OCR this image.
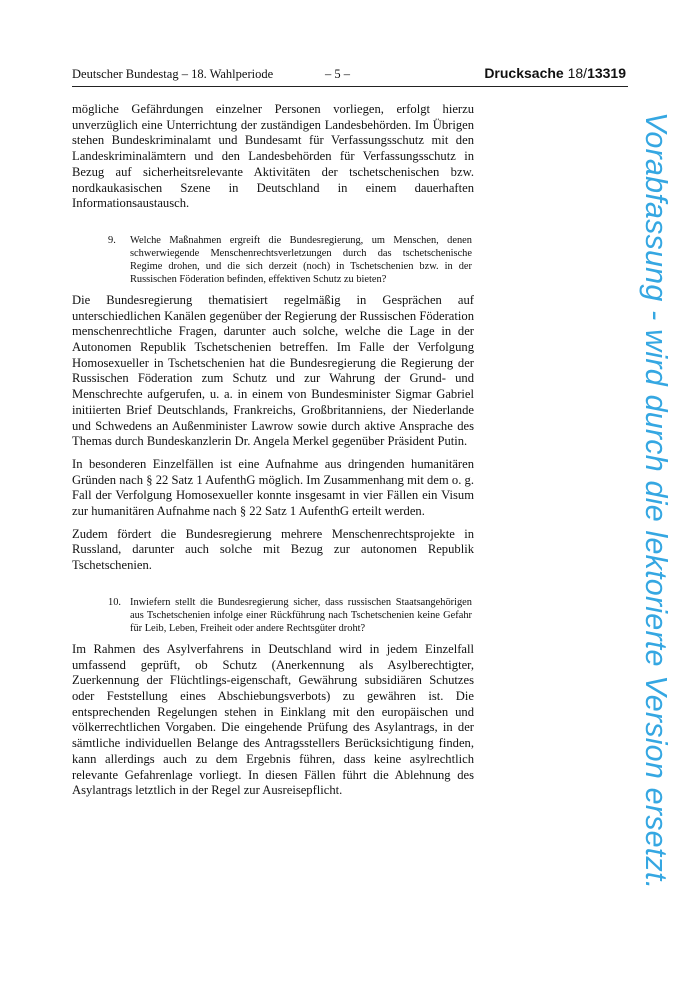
Deutscher Bundestag – 18. Wahlperiode	– 5 –	Drucksache 18/13319

mögliche Gefährdungen einzelner Personen vorliegen, erfolgt hierzu unverzüglich eine Unterrichtung der zuständigen Landesbehörden. Im Übrigen stehen Bundeskriminalamt und Bundesamt für Verfassungsschutz mit den Landeskriminalämtern und den Landesbehörden für Verfassungsschutz in Bezug auf sicherheitsrelevante Aktivitäten der tschetschenischen bzw. nordkaukasischen Szene in Deutschland in einem dauerhaften Informationsaustausch.

9. Welche Maßnahmen ergreift die Bundesregierung, um Menschen, denen schwerwiegende Menschenrechtsverletzungen durch das tschetschenische Regime drohen, und die sich derzeit (noch) in Tschetschenien bzw. in der Russischen Föderation befinden, effektiven Schutz zu bieten?

Die Bundesregierung thematisiert regelmäßig in Gesprächen auf unterschiedlichen Kanälen gegenüber der Regierung der Russischen Föderation menschenrechtliche Fragen, darunter auch solche, welche die Lage in der Autonomen Republik Tschetschenien betreffen. Im Falle der Verfolgung Homosexueller in Tschetschenien hat die Bundesregierung die Regierung der Russischen Föderation zum Schutz und zur Wahrung der Grund- und Menschrechte aufgerufen, u. a. in einem von Bundesminister Sigmar Gabriel initiierten Brief Deutschlands, Frankreichs, Großbritanniens, der Niederlande und Schwedens an Außenminister Lawrow sowie durch aktive Ansprache des Themas durch Bundeskanzlerin Dr. Angela Merkel gegenüber Präsident Putin.

In besonderen Einzelfällen ist eine Aufnahme aus dringenden humanitären Gründen nach § 22 Satz 1 AufenthG möglich. Im Zusammenhang mit dem o. g. Fall der Verfolgung Homosexueller konnte insgesamt in vier Fällen ein Visum zur humanitären Aufnahme nach § 22 Satz 1 AufenthG erteilt werden.

Zudem fördert die Bundesregierung mehrere Menschenrechtsprojekte in Russland, darunter auch solche mit Bezug zur autonomen Republik Tschetschenien.

10. Inwiefern stellt die Bundesregierung sicher, dass russischen Staatsangehörigen aus Tschetschenien infolge einer Rückführung nach Tschetschenien keine Gefahr für Leib, Leben, Freiheit oder andere Rechtsgüter droht?

Im Rahmen des Asylverfahrens in Deutschland wird in jedem Einzelfall umfassend geprüft, ob Schutz (Anerkennung als Asylberechtigter, Zuerkennung der Flüchtlings-eigenschaft, Gewährung subsidiären Schutzes oder Feststellung eines Abschiebungsverbots) zu gewähren ist. Die entsprechenden Regelungen stehen in Einklang mit den europäischen und völkerrechtlichen Vorgaben. Die eingehende Prüfung des Asylantrags, in der sämtliche individuellen Belange des Antragsstellers Berücksichtigung finden, kann allerdings auch zu dem Ergebnis führen, dass keine asylrechtlich relevante Gefahrenlage vorliegt. In diesen Fällen führt die Ablehnung des Asylantrags letztlich in der Regel zur Ausreisepflicht.	Vorabfassung - wird durch die lektorierte Version ersetzt.
